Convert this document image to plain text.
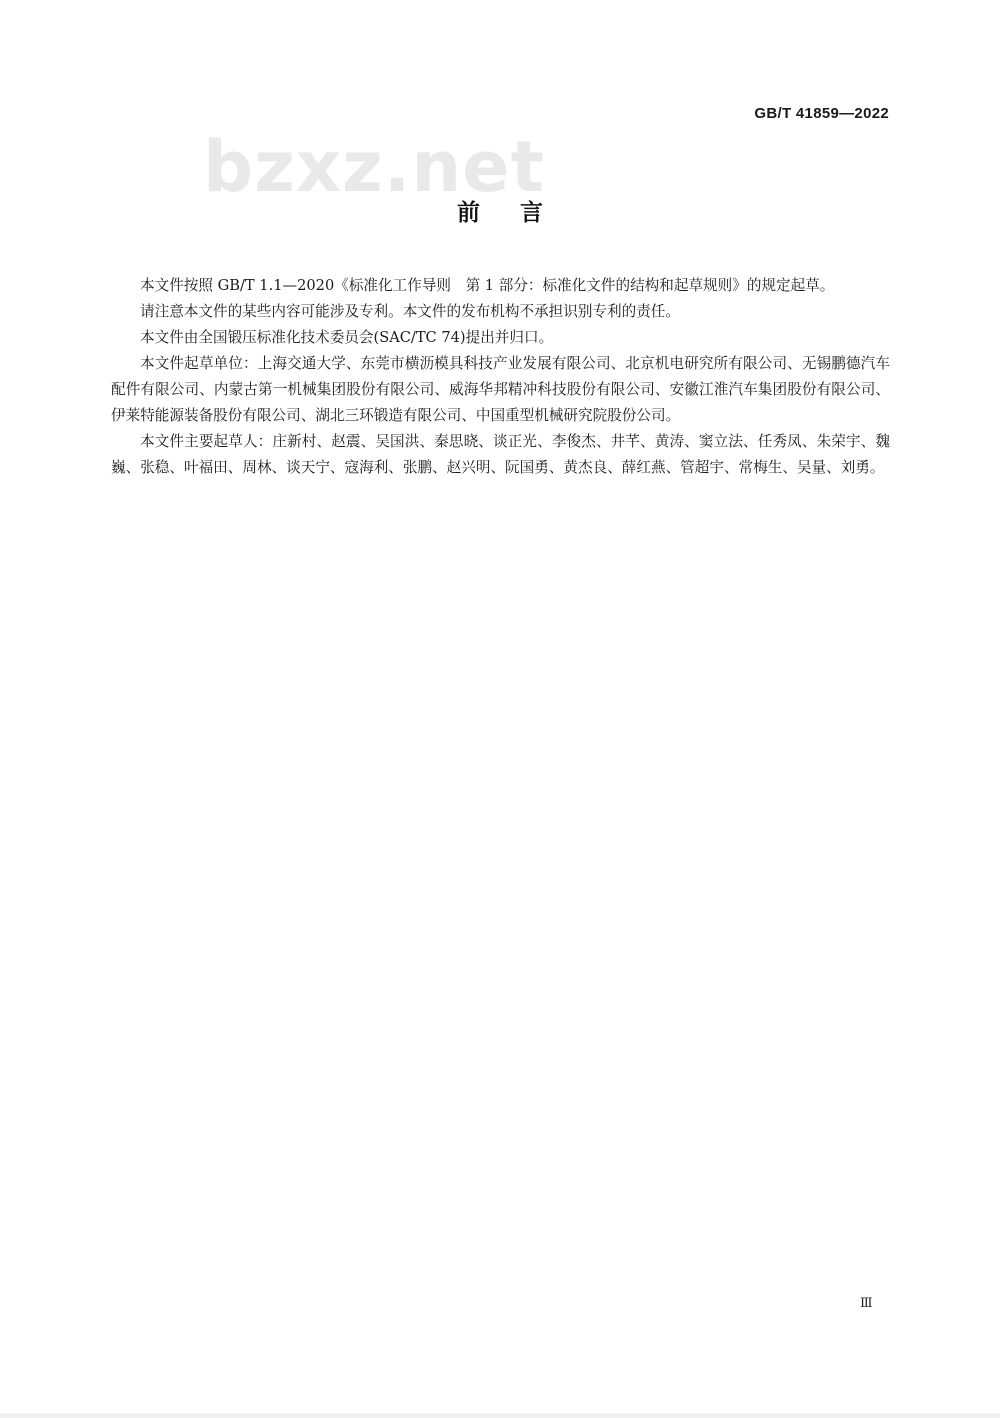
GB/T 41859—2022
bzxz.net
前言

本文件按照 GB/T 1.1—2020《标准化工作导则　第 1 部分：标准化文件的结构和起草规则》的规定起草。

请注意本文件的某些内容可能涉及专利。本文件的发布机构不承担识别专利的责任。

本文件由全国锻压标准化技术委员会(SAC/TC 74)提出并归口。

本文件起草单位：上海交通大学、东莞市横沥模具科技产业发展有限公司、北京机电研究所有限公司、无锡鹏德汽车配件有限公司、内蒙古第一机械集团股份有限公司、威海华邦精冲科技股份有限公司、安徽江淮汽车集团股份有限公司、伊莱特能源装备股份有限公司、湖北三环锻造有限公司、中国重型机械研究院股份公司。

本文件主要起草人：庄新村、赵震、吴国洪、秦思晓、谈正光、李俊杰、井芊、黄涛、窦立法、任秀凤、朱荣宇、魏巍、张稳、叶福田、周林、谈天宁、寇海利、张鹏、赵兴明、阮国勇、黄杰良、薛红燕、管超宇、常梅生、吴量、刘勇。

Ⅲ
